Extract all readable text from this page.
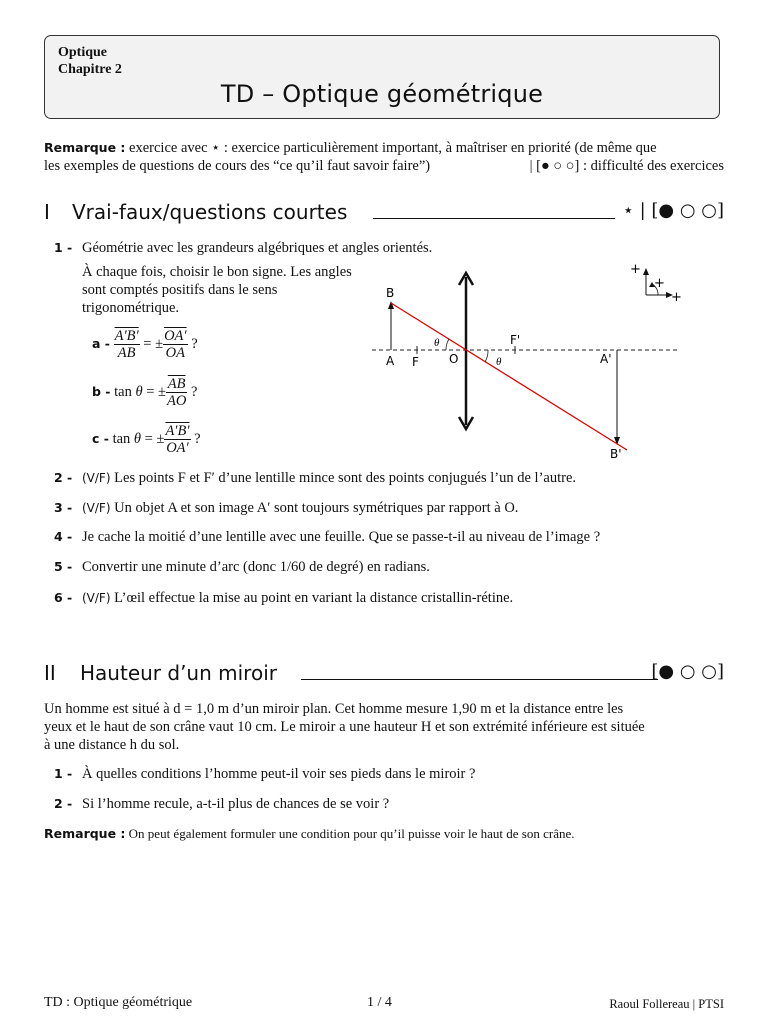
Optique
Chapitre 2
TD – Optique géométrique
Remarque : exercice avec ⋆ : exercice particulièrement important, à maîtriser en priorité (de même que
les exemples de questions de cours des “ce qu’il faut savoir faire”)	| [● ○ ○] : difficulté des exercices
I Vrai-faux/questions courtes	⋆ | [● ○ ○]
1 - Géométrie avec les grandeurs algébriques et angles orientés.
À chaque fois, choisir le bon signe. Les angles sont comptés positifs dans le sens trigonométrique.
a - $\frac{A'B'}{AB}$ = ± $\frac{OA'}{OA}$ ?
b - tan θ = ± $\frac{\overline{AB}}{AO}$ ?
c - tan θ = ± $\frac{A'B'}{OA'}$ ?
B
A F	O
F'
A'
B'
θ
θ
+
+
+
2 - (V/F) Les points F et F′ d’une lentille mince sont des points conjugués l’un de l’autre.
3 - (V/F) Un objet A et son image A′ sont toujours symétriques par rapport à O.
4 - Je cache la moitié d’une lentille avec une feuille. Que se passe-t-il au niveau de l’image ?
5 - Convertir une minute d’arc (donc 1/60 de degré) en radians.
6 - (V/F) L’œil effectue la mise au point en variant la distance cristallin-rétine.
II Hauteur d’un miroir	[● ○ ○]
Un homme est situé à d = 1,0 m d’un miroir plan. Cet homme mesure 1,90 m et la distance entre les
yeux et le haut de son crâne vaut 10 cm. Le miroir a une hauteur H et son extrémité inférieure est située
à une distance h du sol.
1 - À quelles conditions l’homme peut-il voir ses pieds dans le miroir ?
2 - Si l’homme recule, a-t-il plus de chances de se voir ?
Remarque : On peut également formuler une condition pour qu’il puisse voir le haut de son crâne.
TD : Optique géométrique	1 / 4	Raoul Follereau | PTSI
